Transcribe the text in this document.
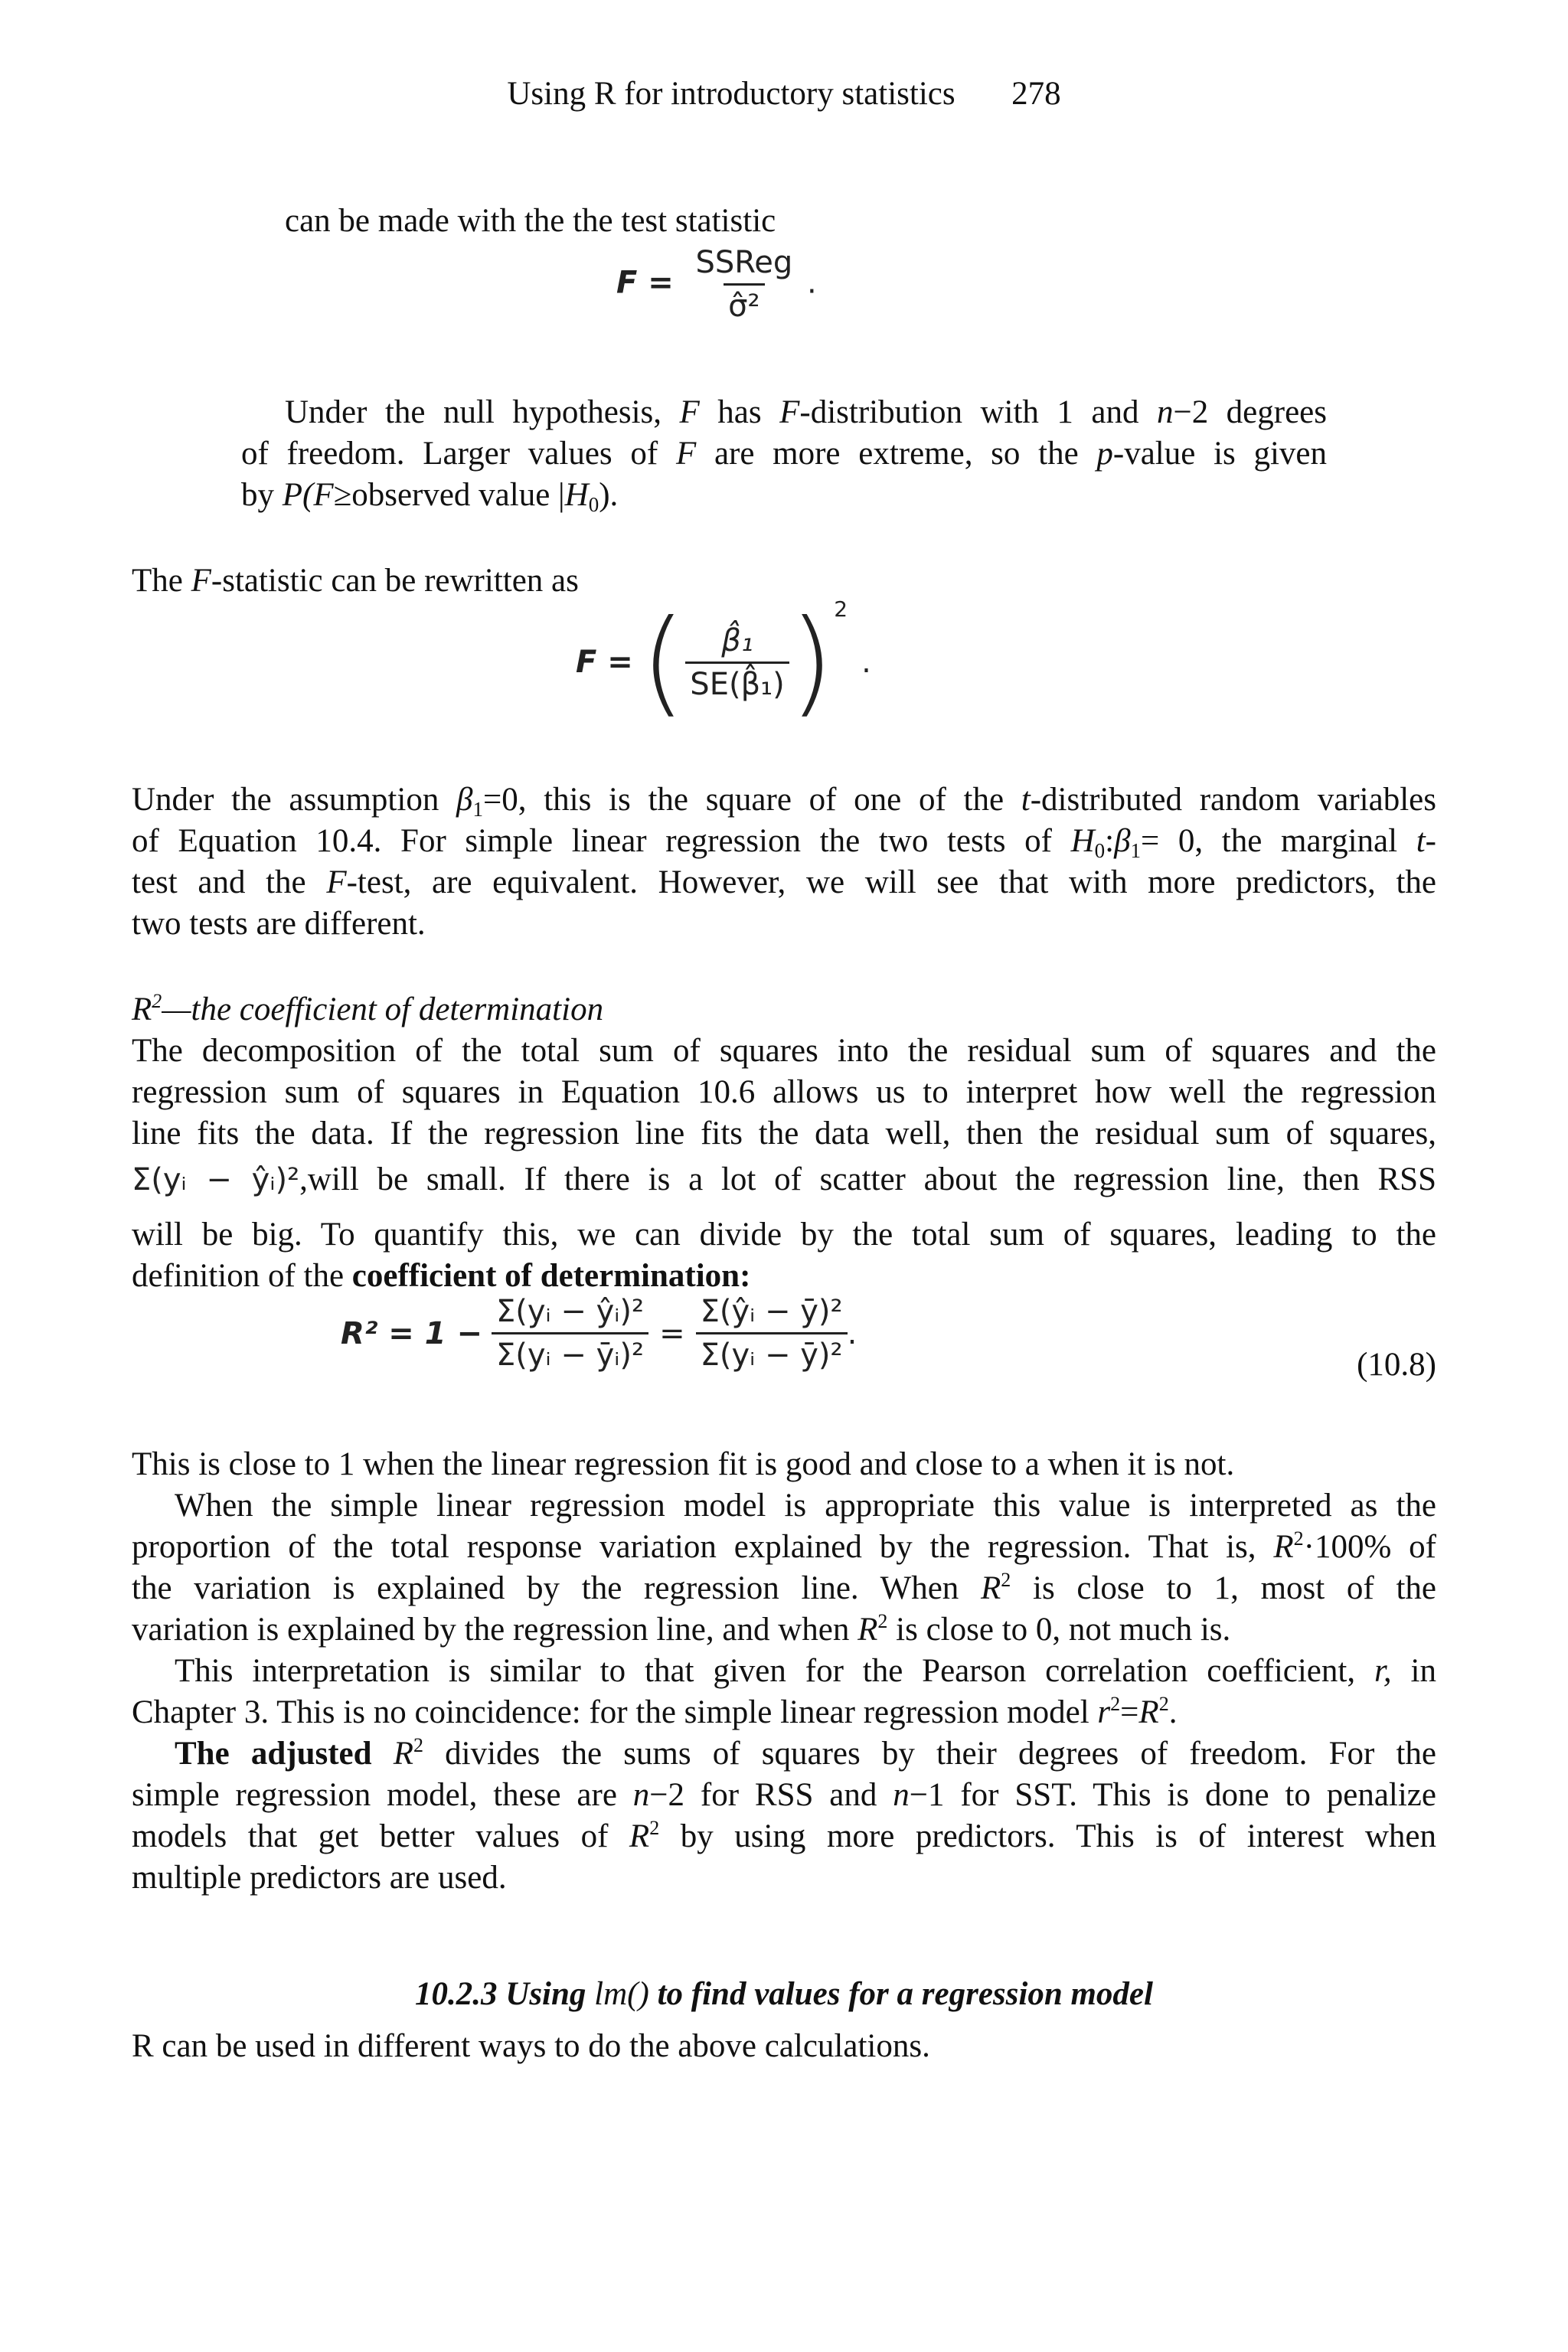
Using R for introductory statistics 278
can be made with the the test statistic
$F = \frac{\text{SSReg}}{\text{σ̂²}}$ .
Under the null hypothesis, F has F-distribution with 1 and n−2 degrees
of freedom. Larger values of F are more extreme, so the p-value is given
by P(F≥observed value |H0).
The F-statistic can be rewritten as
F = ( $\frac{\text{β̂₁}}{\text{SE(β̂₁)}}$ ) 2
.
Under the assumption β1=0, this is the square of one of the t-distributed random variables
of Equation 10.4. For simple linear regression the two tests of H0:β1= 0, the marginal t-
test and the F-test, are equivalent. However, we will see that with more predictors, the
two tests are different.
$R^2—the$ coefficient of determination
The decomposition of the total sum of squares into the residual sum of squares and the
regression sum of squares in Equation 10.6 allows us to interpret how well the regression
line fits the data. If the regression line fits the data well, then the residual sum of squares,
Σ(yᵢ − ŷᵢ)²,will be small. If there is a lot of scatter about the regression line, then RSS
will be big. To quantify this, we can divide by the total sum of squares, leading to the
definition of the coefficient of determination:
$R^2 = 1 - \frac{\text{Σ(yᵢ − ŷᵢ)²}}{\text{Σ(yᵢ − ȳᵢ)²}} = \frac{\text{Σ(ŷᵢ − ȳ)²}}{\text{Σ(yᵢ − ȳ)²}}$ .
(10.8)
This is close to 1 when the linear regression fit is good and close to a when it is not.
When the simple linear regression model is appropriate this value is interpreted as the
proportion of the total response variation explained by the regression. That is, $R^2\cdot 100\%$ of
the variation is explained by the regression line. When $R^2$ is close to 1, most of the
variation is explained by the regression line, and when $R^2$ is close to 0, not much is.
This interpretation is similar to that given for the Pearson correlation coefficient, r, in
Chapter 3. This is no coincidence: for the simple linear regression model $r^2=R^2$.
The adjusted $R^2$ divides the sums of squares by their degrees of freedom. For the
simple regression model, these are n−2 for RSS and n−1 for SST. This is done to penalize
models that get better values of $R^2$ by using more predictors. This is of interest when
multiple predictors are used.
10.2.3 Using lm() to find values for a regression model
R can be used in different ways to do the above calculations.
